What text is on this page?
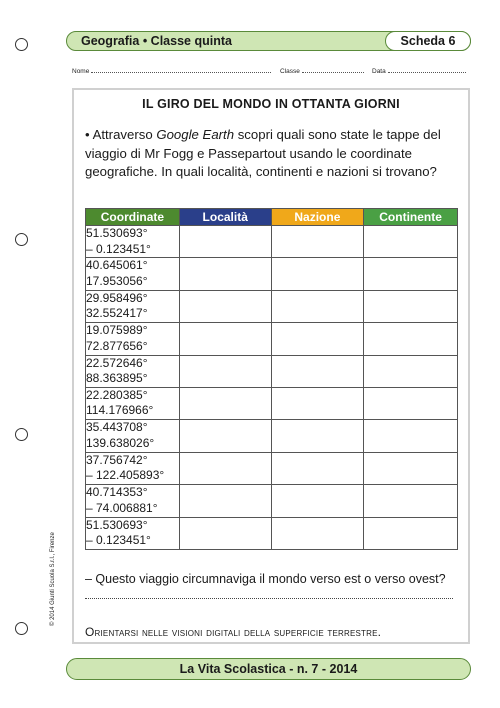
Geografia • Classe quinta	Scheda 6
Nome	Classe	Data
IL GIRO DEL MONDO IN OTTANTA GIORNI
• Attraverso Google Earth scopri quali sono state le tappe del viaggio di Mr Fogg e Passepartout usando le coordinate geografiche. In quali località, continenti e nazioni si trovano?
Coordinate	Località	Nazione	Continente

51.530693°
– 0.123451°			

40.645061°
17.953056°			

29.958496°
32.552417°			

19.075989°
72.877656°			

22.572646°
88.363895°			

22.280385°
114.176966°			

35.443708°
139.638026°			

37.756742°
– 122.405893°			

40.714353°
– 74.006881°			

51.530693°
– 0.123451°			

– Questo viaggio circumnaviga il mondo verso est o verso ovest?
Orientarsi nelle visioni digitali della superficie terrestre.
© 2014 Giunti Scuola S.r.l., Firenze
La Vita Scolastica - n. 7 - 2014
